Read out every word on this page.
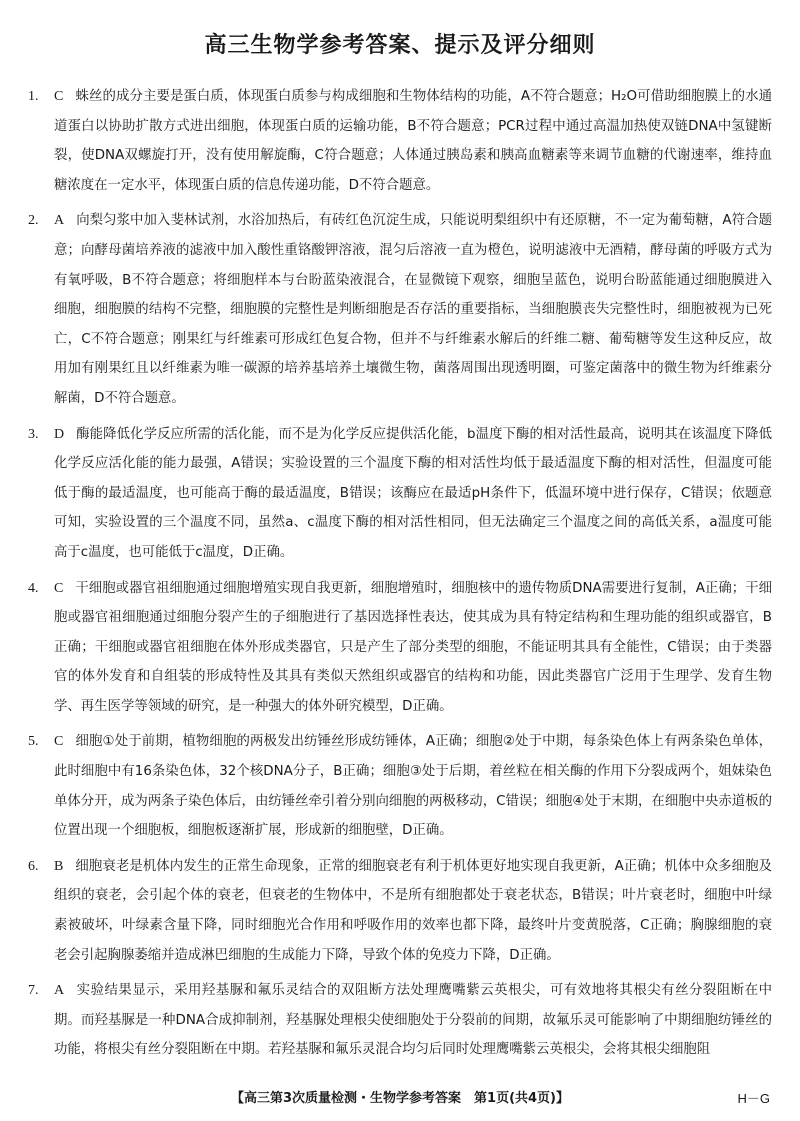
高三生物学参考答案、提示及评分细则
1. C 蛛丝的成分主要是蛋白质，体现蛋白质参与构成细胞和生物体结构的功能，A不符合题意；H₂O可借助细胞膜上的水通道蛋白以协助扩散方式进出细胞，体现蛋白质的运输功能，B不符合题意；PCR过程中通过高温加热使双链DNA中氢键断裂，使DNA双螺旋打开，没有使用解旋酶，C符合题意；人体通过胰岛素和胰高血糖素等来调节血糖的代谢速率，维持血糖浓度在一定水平，体现蛋白质的信息传递功能，D不符合题意。
2. A 向梨匀浆中加入斐林试剂，水浴加热后，有砖红色沉淀生成，只能说明梨组织中有还原糖，不一定为葡萄糖，A符合题意；向酵母菌培养液的滤液中加入酸性重铬酸钾溶液，混匀后溶液一直为橙色，说明滤液中无酒精，酵母菌的呼吸方式为有氧呼吸，B不符合题意；将细胞样本与台盼蓝染液混合，在显微镜下观察，细胞呈蓝色，说明台盼蓝能通过细胞膜进入细胞，细胞膜的结构不完整，细胞膜的完整性是判断细胞是否存活的重要指标，当细胞膜丧失完整性时，细胞被视为已死亡，C不符合题意；刚果红与纤维素可形成红色复合物，但并不与纤维素水解后的纤维二糖、葡萄糖等发生这种反应，故用加有刚果红且以纤维素为唯一碳源的培养基培养土壤微生物，菌落周围出现透明圈，可鉴定菌落中的微生物为纤维素分解菌，D不符合题意。
3. D 酶能降低化学反应所需的活化能，而不是为化学反应提供活化能，b温度下酶的相对活性最高，说明其在该温度下降低化学反应活化能的能力最强，A错误；实验设置的三个温度下酶的相对活性均低于最适温度下酶的相对活性，但温度可能低于酶的最适温度，也可能高于酶的最适温度，B错误；该酶应在最适pH条件下，低温环境中进行保存，C错误；依题意可知，实验设置的三个温度不同，虽然a、c温度下酶的相对活性相同，但无法确定三个温度之间的高低关系，a温度可能高于c温度，也可能低于c温度，D正确。
4. C 干细胞或器官祖细胞通过细胞增殖实现自我更新，细胞增殖时，细胞核中的遗传物质DNA需要进行复制，A正确；干细胞或器官祖细胞通过细胞分裂产生的子细胞进行了基因选择性表达，使其成为具有特定结构和生理功能的组织或器官，B正确；干细胞或器官祖细胞在体外形成类器官，只是产生了部分类型的细胞，不能证明其具有全能性，C错误；由于类器官的体外发育和自组装的形成特性及其具有类似天然组织或器官的结构和功能，因此类器官广泛用于生理学、发育生物学、再生医学等领域的研究，是一种强大的体外研究模型，D正确。
5. C 细胞①处于前期，植物细胞的两极发出纺锤丝形成纺锤体，A正确；细胞②处于中期，每条染色体上有两条染色单体，此时细胞中有16条染色体，32个核DNA分子，B正确；细胞③处于后期，着丝粒在相关酶的作用下分裂成两个，姐妹染色单体分开，成为两条子染色体后，由纺锤丝牵引着分别向细胞的两极移动，C错误；细胞④处于末期，在细胞中央赤道板的位置出现一个细胞板，细胞板逐渐扩展，形成新的细胞壁，D正确。
6. B 细胞衰老是机体内发生的正常生命现象，正常的细胞衰老有利于机体更好地实现自我更新，A正确；机体中众多细胞及组织的衰老，会引起个体的衰老，但衰老的生物体中，不是所有细胞都处于衰老状态，B错误；叶片衰老时，细胞中叶绿素被破坏，叶绿素含量下降，同时细胞光合作用和呼吸作用的效率也都下降，最终叶片变黄脱落，C正确；胸腺细胞的衰老会引起胸腺萎缩并造成淋巴细胞的生成能力下降，导致个体的免疫力下降，D正确。
7. A 实验结果显示，采用羟基脲和氟乐灵结合的双阻断方法处理鹰嘴紫云英根尖，可有效地将其根尖有丝分裂阻断在中期。而羟基脲是一种DNA合成抑制剂，羟基脲处理根尖使细胞处于分裂前的间期，故氟乐灵可能影响了中期细胞纺锤丝的功能，将根尖有丝分裂阻断在中期。若羟基脲和氟乐灵混合均匀后同时处理鹰嘴紫云英根尖，会将其根尖细胞阻
【高三第3次质量检测・生物学参考答案　第1页(共4页)】	H－G
